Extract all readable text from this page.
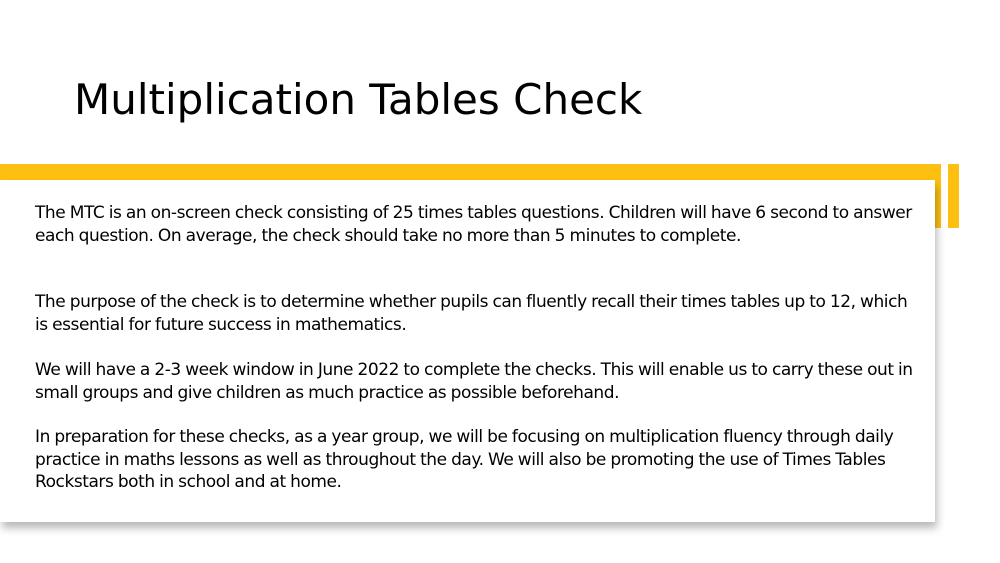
Multiplication Tables Check

The MTC is an on-screen check consisting of 25 times tables questions. Children will have 6 second to answer each question. On average, the check should take no more than 5 minutes to complete.

The purpose of the check is to determine whether pupils can fluently recall their times tables up to 12, which is essential for future success in mathematics.

We will have a 2-3 week window in June 2022 to complete the checks. This will enable us to carry these out in small groups and give children as much practice as possible beforehand.

In preparation for these checks, as a year group, we will be focusing on multiplication fluency through daily practice in maths lessons as well as throughout the day. We will also be promoting the use of Times Tables Rockstars both in school and at home.
